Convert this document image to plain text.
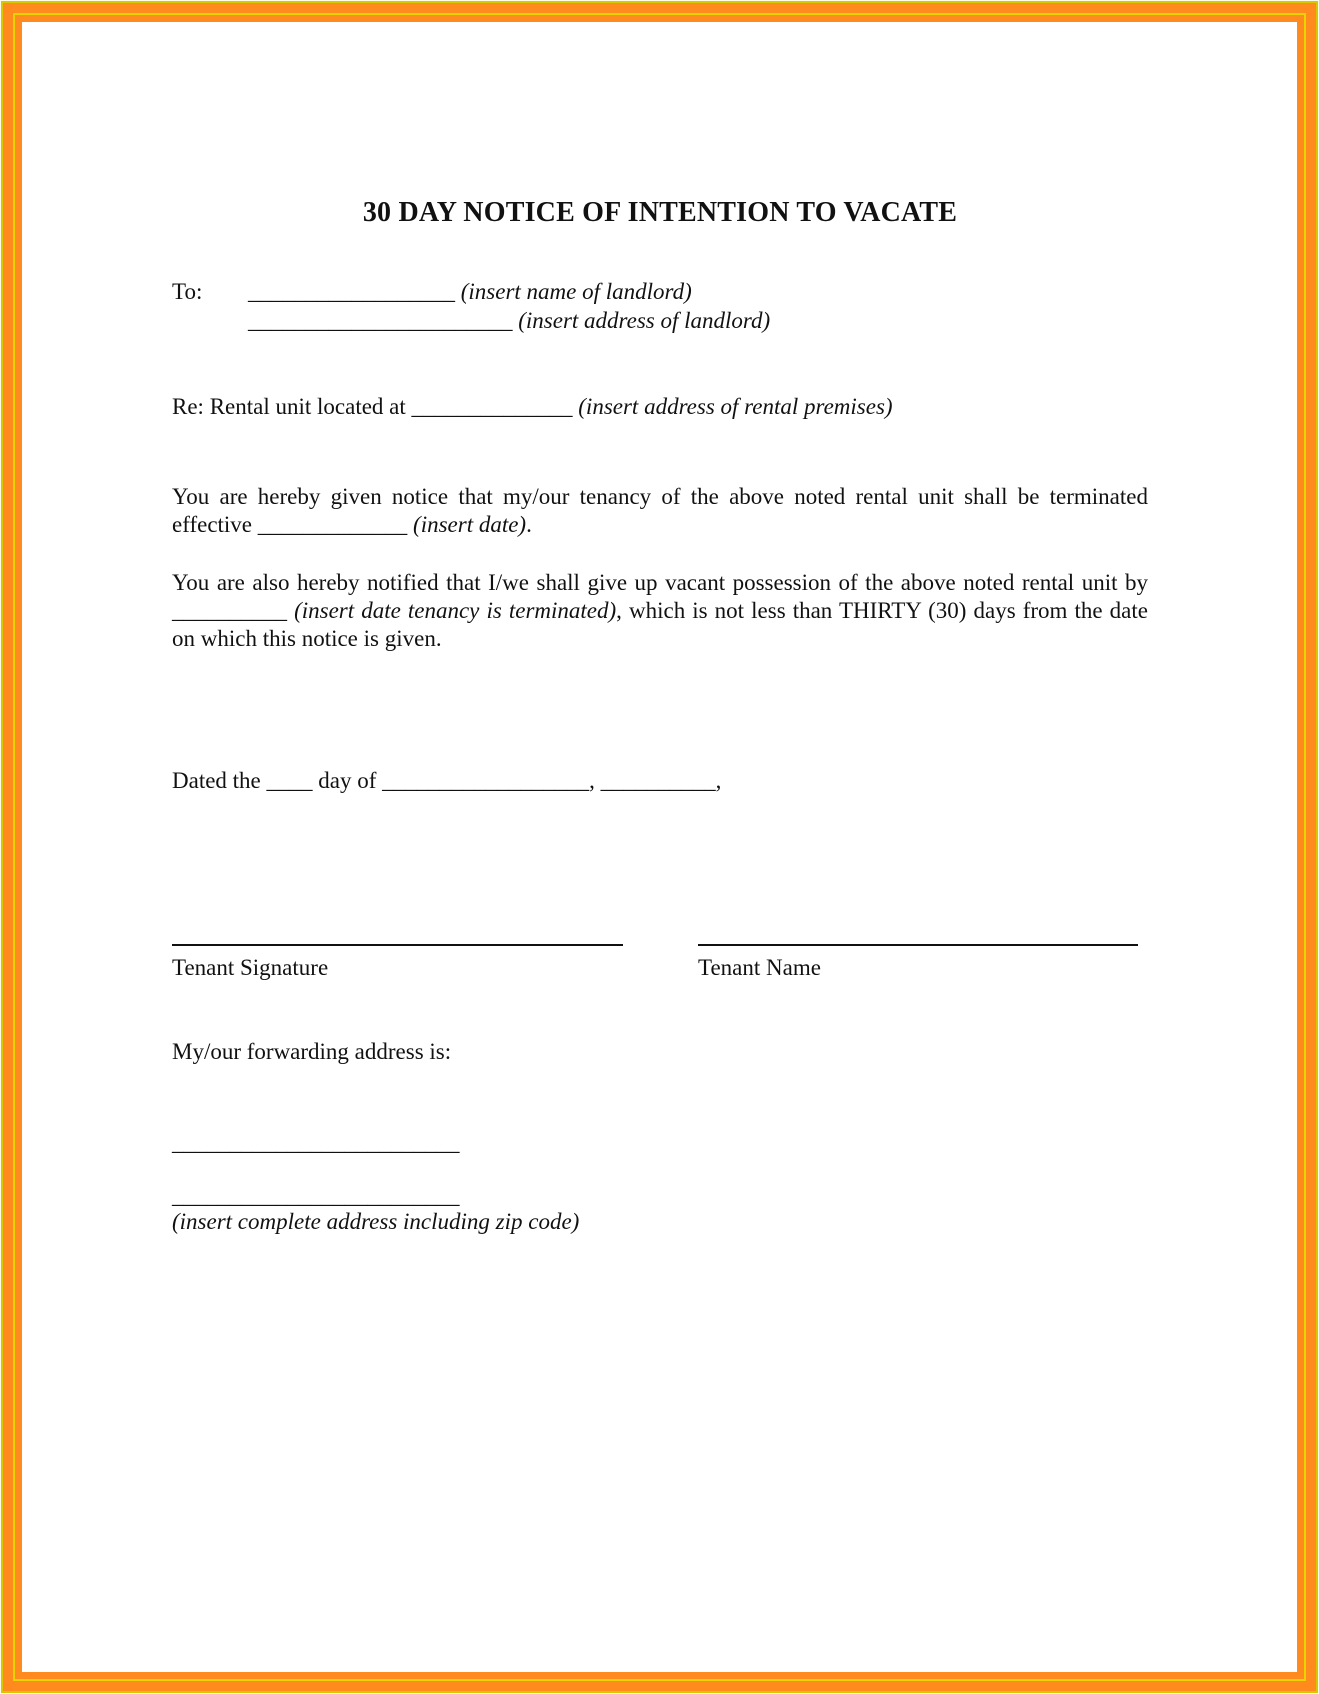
30 DAY NOTICE OF INTENTION TO VACATE
To: __________________ (insert name of landlord)
_______________________ (insert address of landlord)
Re: Rental unit located at ______________ (insert address of rental premises)

You are hereby given notice that my/our tenancy of the above noted rental unit shall be terminated effective _____________ (insert date).

You are also hereby notified that I/we shall give up vacant possession of the above noted rental unit by __________ (insert date tenancy is terminated), which is not less than THIRTY (30) days from the date on which this notice is given.

Dated the ____ day of __________________, __________,
Tenant Signature	Tenant Name
My/our forwarding address is:
_________________________
_________________________
(insert complete address including zip code)
